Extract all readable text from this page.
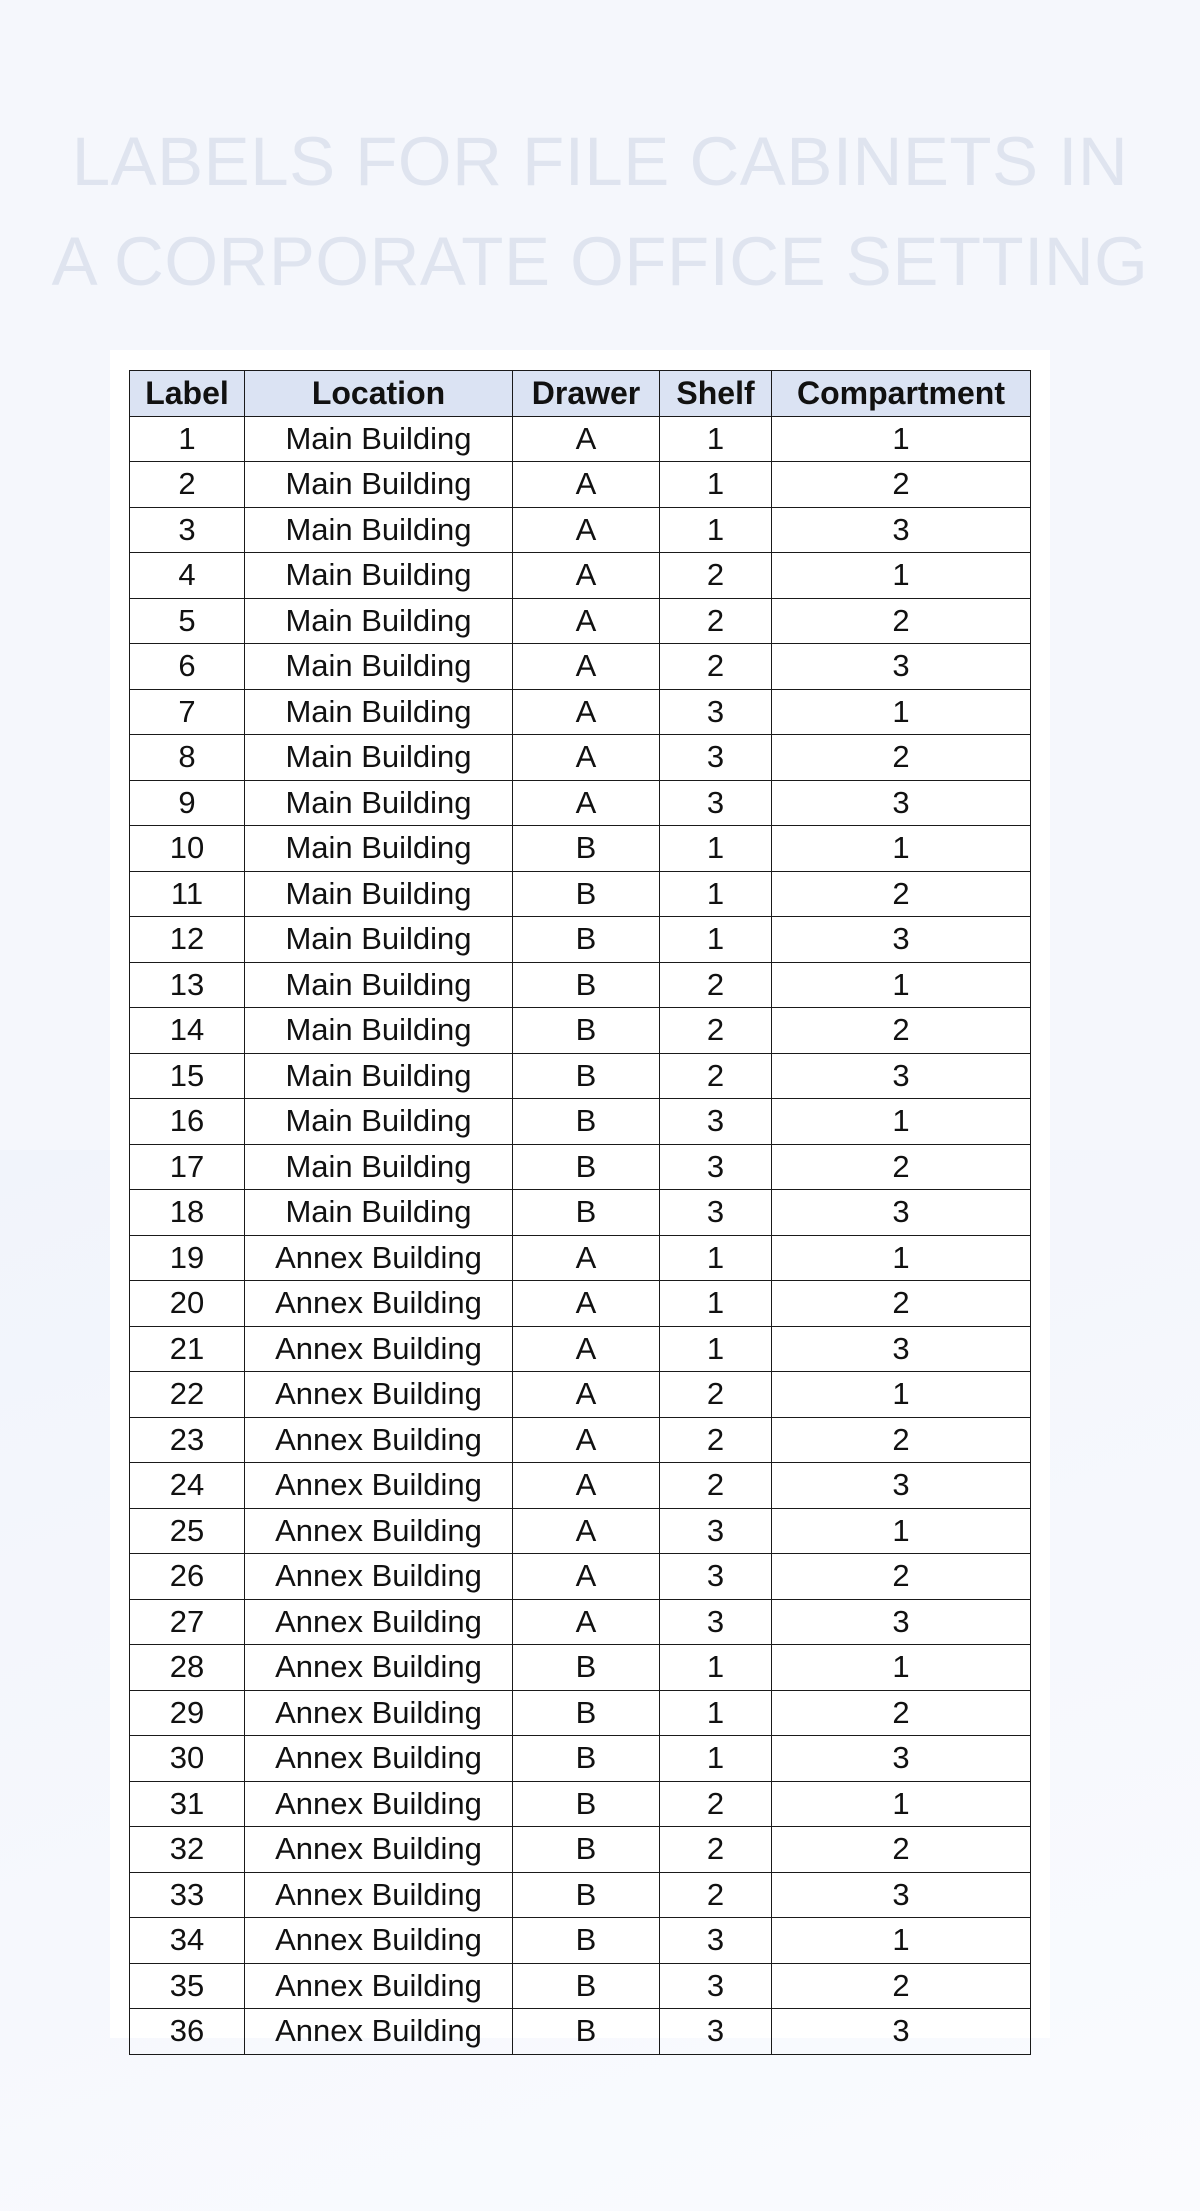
LABELS FOR FILE CABINETS IN
A CORPORATE OFFICE SETTING
Label	Location	Drawer	Shelf	Compartment
1	Main Building	A	1	1
2	Main Building	A	1	2
3	Main Building	A	1	3
4	Main Building	A	2	1
5	Main Building	A	2	2
6	Main Building	A	2	3
7	Main Building	A	3	1
8	Main Building	A	3	2
9	Main Building	A	3	3
10	Main Building	B	1	1
11	Main Building	B	1	2
12	Main Building	B	1	3
13	Main Building	B	2	1
14	Main Building	B	2	2
15	Main Building	B	2	3
16	Main Building	B	3	1
17	Main Building	B	3	2
18	Main Building	B	3	3
19	Annex Building	A	1	1
20	Annex Building	A	1	2
21	Annex Building	A	1	3
22	Annex Building	A	2	1
23	Annex Building	A	2	2
24	Annex Building	A	2	3
25	Annex Building	A	3	1
26	Annex Building	A	3	2
27	Annex Building	A	3	3
28	Annex Building	B	1	1
29	Annex Building	B	1	2
30	Annex Building	B	1	3
31	Annex Building	B	2	1
32	Annex Building	B	2	2
33	Annex Building	B	2	3
34	Annex Building	B	3	1
35	Annex Building	B	3	2
36	Annex Building	B	3	3
